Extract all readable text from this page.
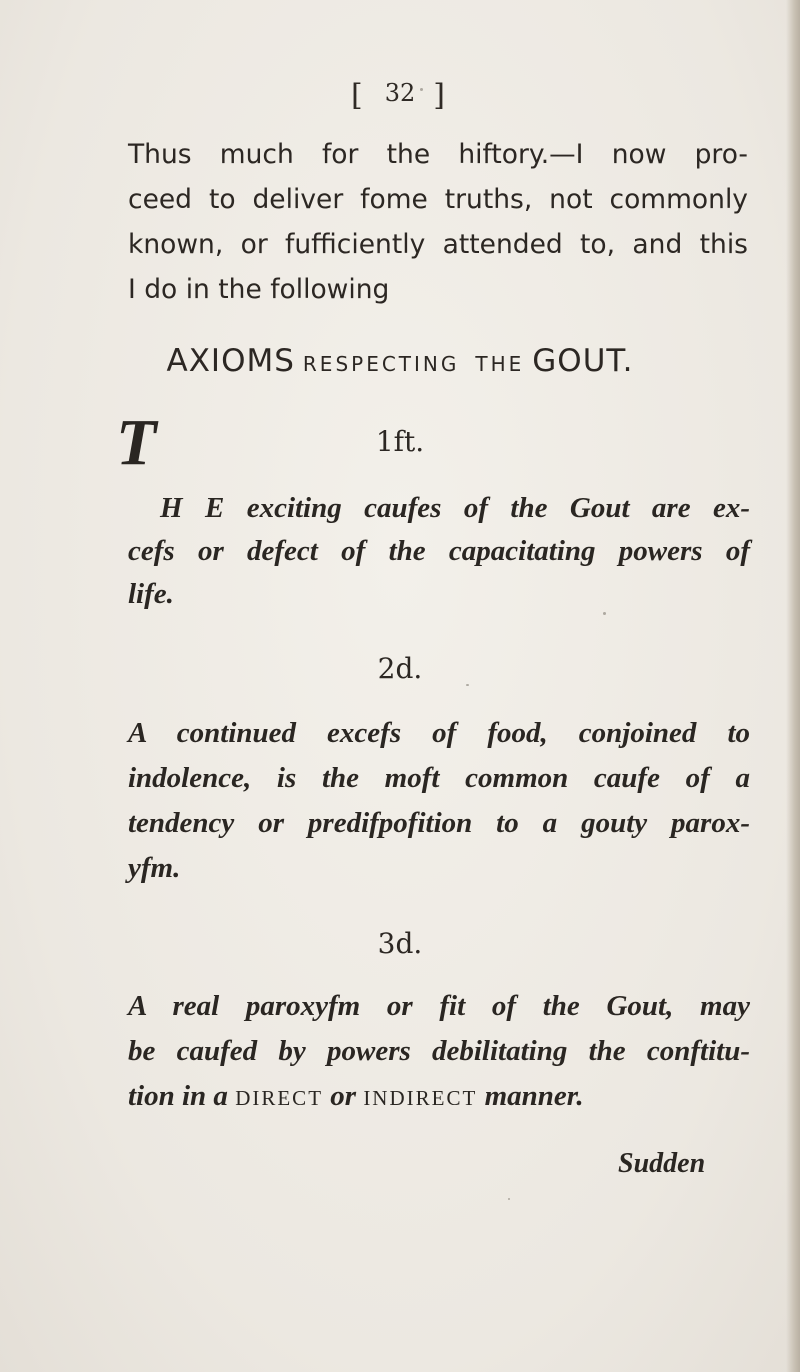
[ 32 ]
Thus much for the hiftory.—I now pro-
ceed to deliver fome truths, not commonly
known, or fufficiently attended to, and this
I do in the following
AXIOMS RESPECTING THE GOUT.
1ft.
T
H E exciting caufes of the Gout are ex-
cefs or defect of the capacitating powers of
life.
2d.
A continued excefs of food, conjoined to
indolence, is the moft common caufe of a
tendency or predifpofition to a gouty parox-
yfm.
3d.
A real paroxyfm or fit of the Gout, may
be caufed by powers debilitating the conftitu-
tion in a DIRECT or INDIRECT manner.
Sudden
